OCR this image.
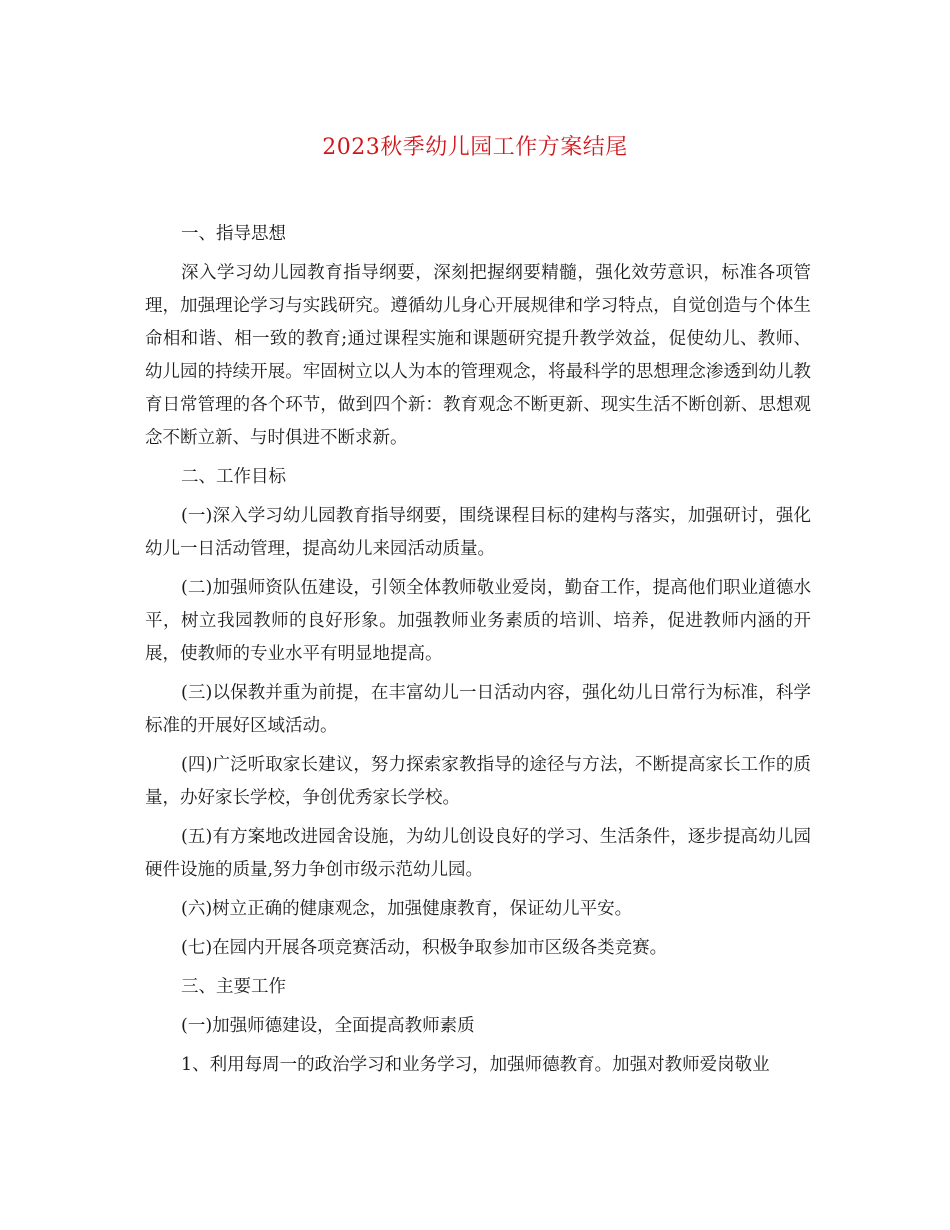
2023秋季幼儿园工作方案结尾

一、指导思想

深入学习幼儿园教育指导纲要，深刻把握纲要精髓，强化效劳意识，标准各项管理，加强理论学习与实践研究。遵循幼儿身心开展规律和学习特点，自觉创造与个体生命相和谐、相一致的教育;通过课程实施和课题研究提升教学效益，促使幼儿、教师、幼儿园的持续开展。牢固树立以人为本的管理观念，将最科学的思想理念渗透到幼儿教育日常管理的各个环节，做到四个新：教育观念不断更新、现实生活不断创新、思想观念不断立新、与时俱进不断求新。

二、工作目标

(一)深入学习幼儿园教育指导纲要，围绕课程目标的建构与落实，加强研讨，强化幼儿一日活动管理，提高幼儿来园活动质量。

(二)加强师资队伍建设，引领全体教师敬业爱岗，勤奋工作，提高他们职业道德水平，树立我园教师的良好形象。加强教师业务素质的培训、培养，促进教师内涵的开展，使教师的专业水平有明显地提高。

(三)以保教并重为前提，在丰富幼儿一日活动内容，强化幼儿日常行为标准，科学标准的开展好区域活动。

(四)广泛听取家长建议，努力探索家教指导的途径与方法，不断提高家长工作的质量，办好家长学校，争创优秀家长学校。

(五)有方案地改进园舍设施，为幼儿创设良好的学习、生活条件，逐步提高幼儿园硬件设施的质量,努力争创市级示范幼儿园。

(六)树立正确的健康观念，加强健康教育，保证幼儿平安。

(七)在园内开展各项竞赛活动，积极争取参加市区级各类竞赛。

三、主要工作

(一)加强师德建设，全面提高教师素质

1、利用每周一的政治学习和业务学习，加强师德教育。加强对教师爱岗敬业
